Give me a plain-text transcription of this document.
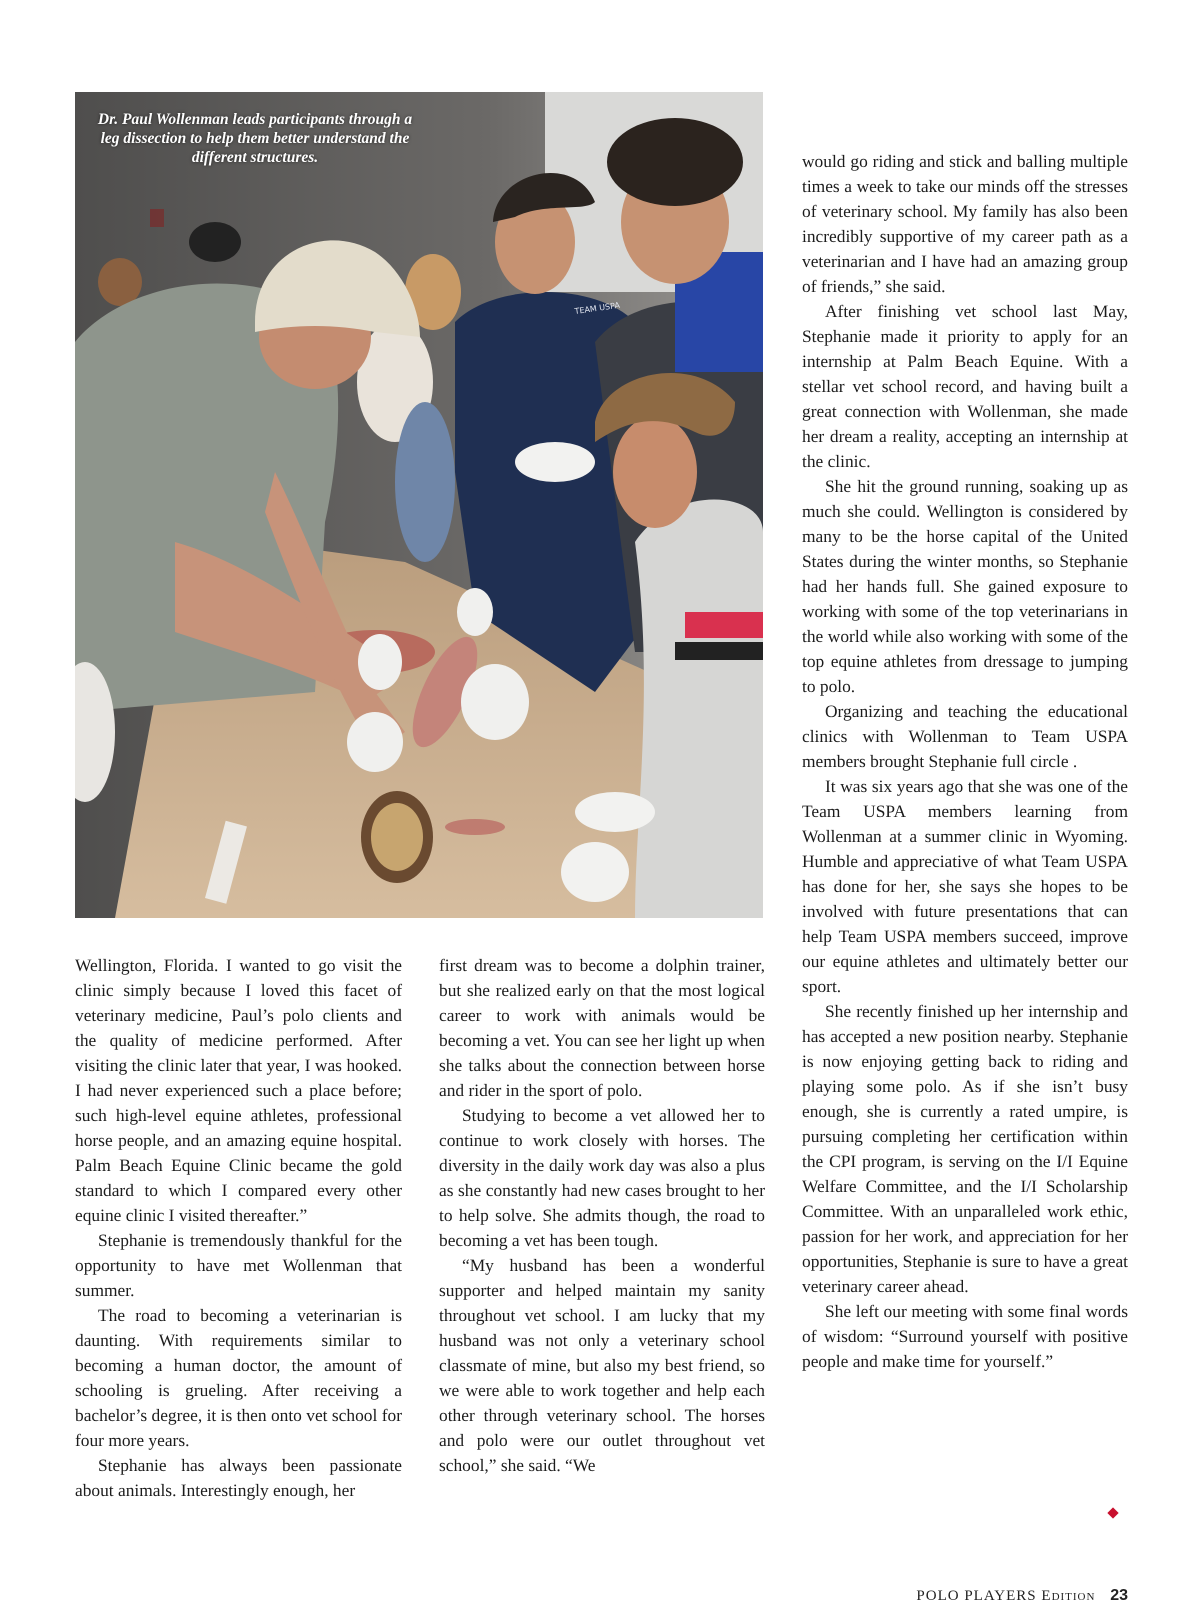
TEAM USPA
Dr. Paul Wollenman leads participants through a leg dissection to help them better understand the different structures.

Wellington, Florida. I wanted to go visit the clinic simply because I loved this facet of veterinary medicine, Paul’s polo clients and the quality of medicine performed. After visiting the clinic later that year, I was hooked. I had never experienced such a place before; such high-level equine athletes, professional horse people, and an amazing equine hospital. Palm Beach Equine Clinic became the gold standard to which I compared every other equine clinic I visited thereafter.”

Stephanie is tremendously thankful for the opportunity to have met Wollenman that summer.

The road to becoming a veterinarian is daunting. With requirements similar to becoming a human doctor, the amount of schooling is grueling. After receiving a bachelor’s degree, it is then onto vet school for four more years.

Stephanie has always been passionate about animals. Interestingly enough, her

first dream was to become a dolphin trainer, but she realized early on that the most logical career to work with animals would be becoming a vet. You can see her light up when she talks about the connection between horse and rider in the sport of polo.

Studying to become a vet allowed her to continue to work closely with horses. The diversity in the daily work day was also a plus as she constantly had new cases brought to her to help solve. She admits though, the road to becoming a vet has been tough.

“My husband has been a wonderful supporter and helped maintain my sanity throughout vet school. I am lucky that my husband was not only a veterinary school classmate of mine, but also my best friend, so we were able to work together and help each other through veterinary school. The horses and polo were our outlet throughout vet school,” she said. “We

would go riding and stick and balling multiple times a week to take our minds off the stresses of veterinary school. My family has also been incredibly supportive of my career path as a veterinarian and I have had an amazing group of friends,” she said.

After finishing vet school last May, Stephanie made it priority to apply for an internship at Palm Beach Equine. With a stellar vet school record, and having built a great connection with Wollenman, she made her dream a reality, accepting an internship at the clinic.

She hit the ground running, soaking up as much she could. Wellington is considered by many to be the horse capital of the United States during the winter months, so Stephanie had her hands full. She gained exposure to working with some of the top veterinarians in the world while also working with some of the top equine athletes from dressage to jumping to polo.

Organizing and teaching the educational clinics with Wollenman to Team USPA members brought Stephanie full circle .

It was six years ago that she was one of the Team USPA members learning from Wollenman at a summer clinic in Wyoming. Humble and appreciative of what Team USPA has done for her, she says she hopes to be involved with future presentations that can help Team USPA members succeed, improve our equine athletes and ultimately better our sport.

She recently finished up her internship and has accepted a new position nearby. Stephanie is now enjoying getting back to riding and playing some polo. As if she isn’t busy enough, she is currently a rated umpire, is pursuing completing her certification within the CPI program, is serving on the I/I Equine Welfare Committee, and the I/I Scholarship Committee. With an unparalleled work ethic, passion for her work, and appreciation for her opportunities, Stephanie is sure to have a great veterinary career ahead.

She left our meeting with some final words of wisdom: “Surround yourself with positive people and make time for yourself.”

POLO PLAYERS Edition 23
